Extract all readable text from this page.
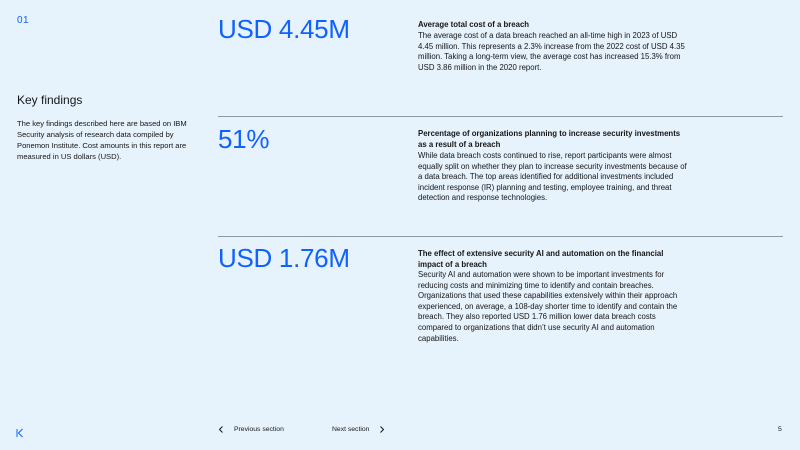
01
Key findings

The key findings described here are based on IBM Security analysis of research data compiled by Ponemon Institute. Cost amounts in this report are measured in US dollars (USD).

USD 4.45M	Average total cost of a breach
The average cost of a data breach reached an all-time high in 2023 of USD 4.45 million. This represents a 2.3% increase from the 2022 cost of USD 4.35 million. Taking a long-term view, the average cost has increased 15.3% from USD 3.86 million in the 2020 report.
51%	Percentage of organizations planning to increase security investments as a result of a breach
While data breach costs continued to rise, report participants were almost equally split on whether they plan to increase security investments because of a data breach. The top areas identified for additional investments included incident response (IR) planning and testing, employee training, and threat detection and response technologies.
USD 1.76M	The effect of extensive security AI and automation on the financial impact of a breach
Security AI and automation were shown to be important investments for reducing costs and minimizing time to identify and contain breaches. Organizations that used these capabilities extensively within their approach experienced, on average, a 108-day shorter time to identify and contain the breach. They also reported USD 1.76 million lower data breach costs compared to organizations that didn’t use security AI and automation capabilities.
Previous section	Next section	5
